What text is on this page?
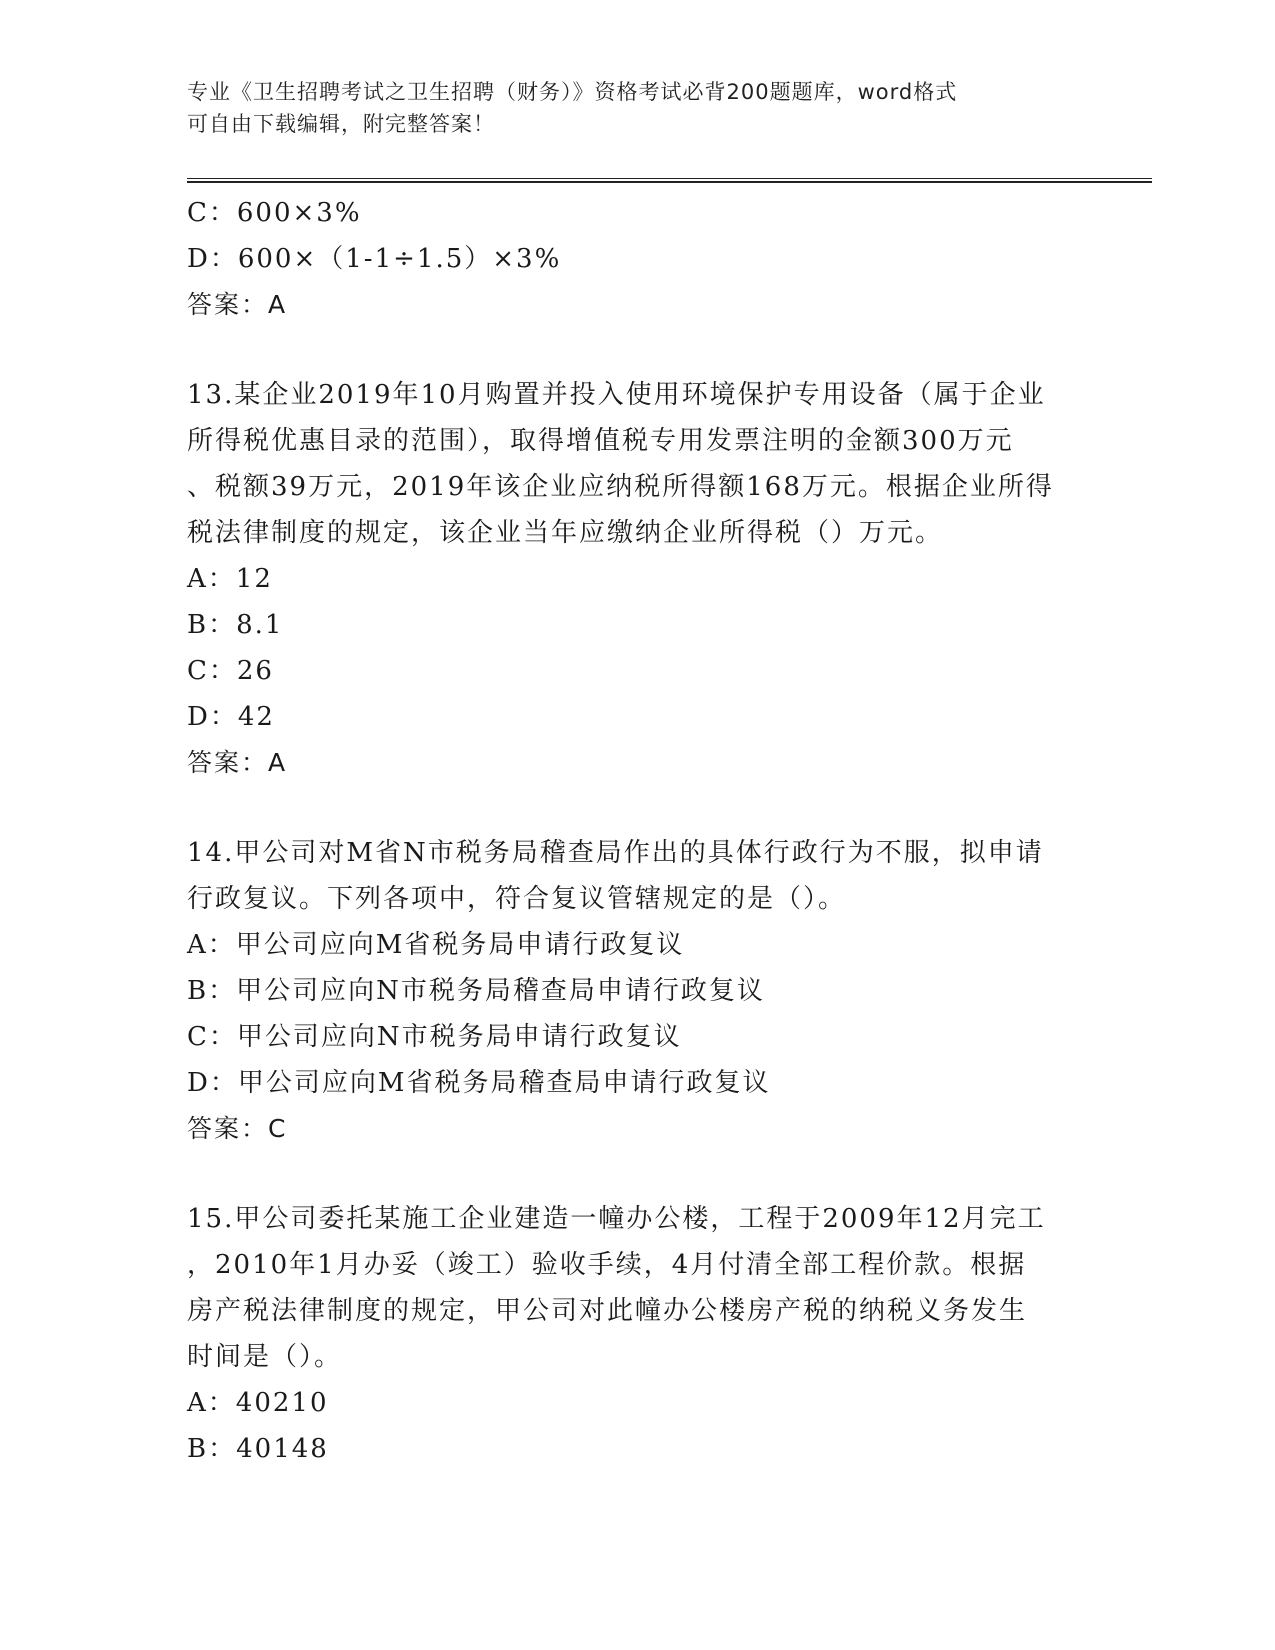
专业《卫生招聘考试之卫生招聘（财务）》资格考试必背200题题库，word格式
可自由下载编辑，附完整答案！
C：600×3%
D：600×（1-1÷1.5）×3%
答案：A
13.某企业2019年10月购置并投入使用环境保护专用设备（属于企业
所得税优惠目录的范围），取得增值税专用发票注明的金额300万元
、税额39万元，2019年该企业应纳税所得额168万元。根据企业所得
税法律制度的规定，该企业当年应缴纳企业所得税（）万元。
A：12
B：8.1
C：26
D：42
答案：A
14.甲公司对M省N市税务局稽查局作出的具体行政行为不服，拟申请
行政复议。下列各项中，符合复议管辖规定的是（）。
A：甲公司应向M省税务局申请行政复议
B：甲公司应向N市税务局稽查局申请行政复议
C：甲公司应向N市税务局申请行政复议
D：甲公司应向M省税务局稽查局申请行政复议
答案：C
15.甲公司委托某施工企业建造一幢办公楼，工程于2009年12月完工
，2010年1月办妥（竣工）验收手续，4月付清全部工程价款。根据
房产税法律制度的规定，甲公司对此幢办公楼房产税的纳税义务发生
时间是（）。
A：40210
B：40148
